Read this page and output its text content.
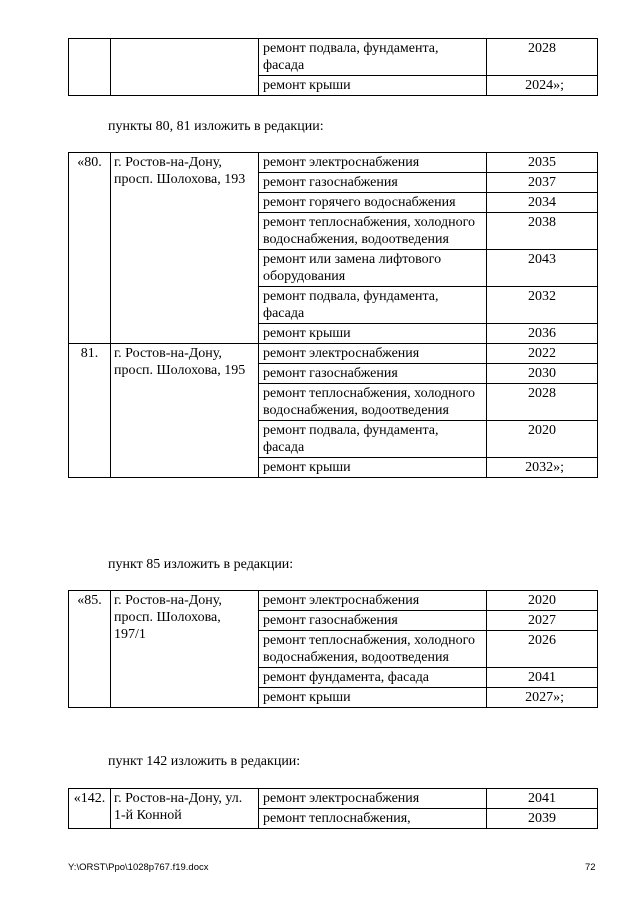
		ремонт подвала, фундамента, фасада	2028
		ремонт крыши	2024»;
пункты 80, 81 изложить в редакции:
«80.	г. Ростов-на-Дону, просп. Шолохова, 193	ремонт электроснабжения	2035
		ремонт газоснабжения	2037
		ремонт горячего водоснабжения	2034
		ремонт теплоснабжения, холодного водоснабжения, водоотведения	2038
		ремонт или замена лифтового оборудования	2043
		ремонт подвала, фундамента, фасада	2032
		ремонт крыши	2036
81.	г. Ростов-на-Дону, просп. Шолохова, 195	ремонт электроснабжения	2022
		ремонт газоснабжения	2030
		ремонт теплоснабжения, холодного водоснабжения, водоотведения	2028
		ремонт подвала, фундамента, фасада	2020
		ремонт крыши	2032»;
пункт 85 изложить в редакции:
«85.	г. Ростов-на-Дону, просп. Шолохова, 197/1	ремонт электроснабжения	2020
		ремонт газоснабжения	2027
		ремонт теплоснабжения, холодного водоснабжения, водоотведения	2026
		ремонт фундамента, фасада	2041
		ремонт крыши	2027»;
пункт 142 изложить в редакции:
«142.	г. Ростов-на-Дону, ул. 1-й Конной	ремонт электроснабжения	2041
		ремонт теплоснабжения,	2039
Y:\ORST\Ppo\1028p767.f19.docx	72
